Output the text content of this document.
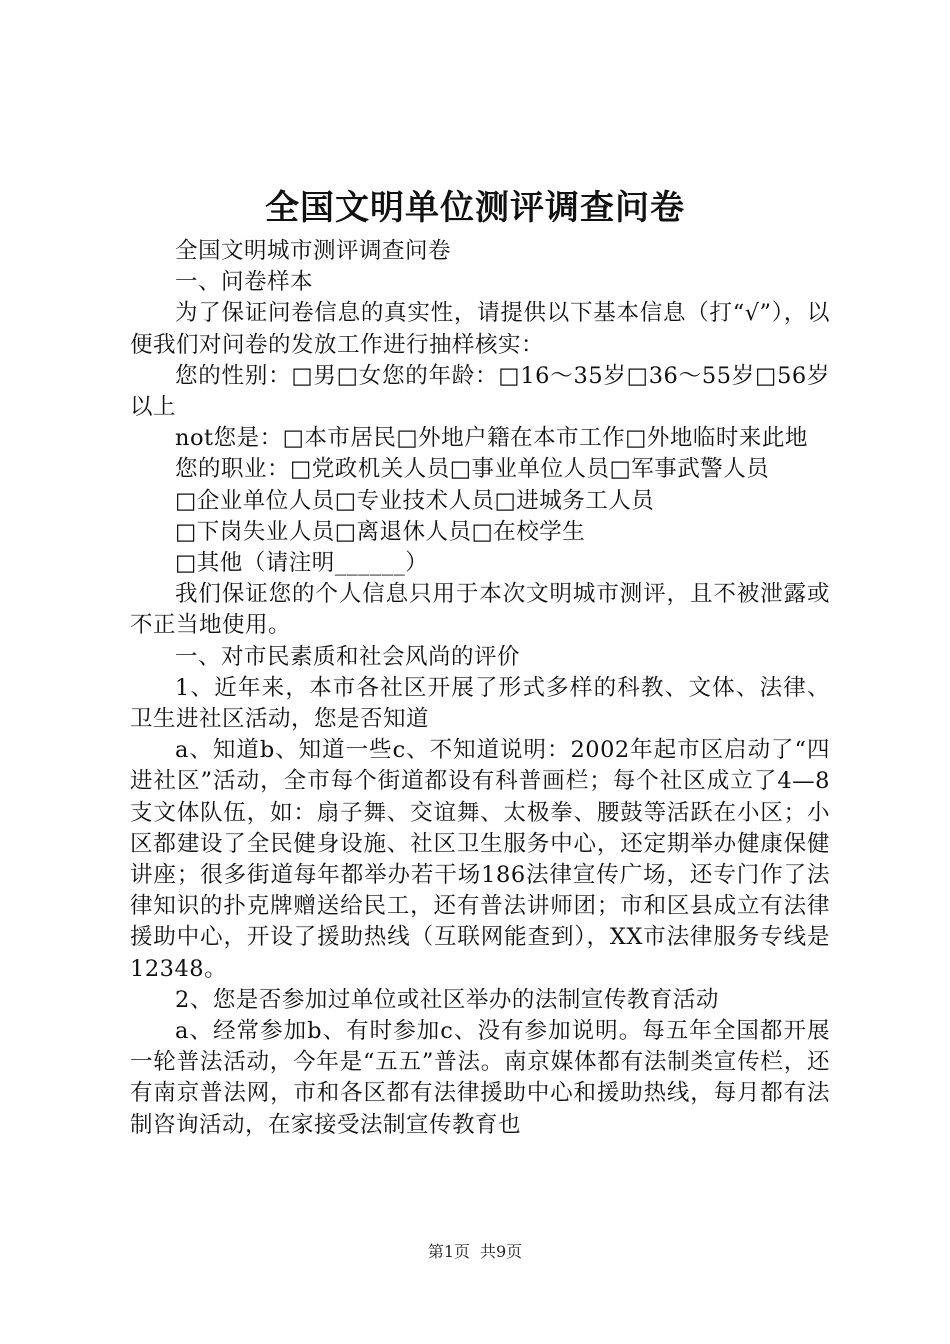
全国文明单位测评调查问卷

全国文明城市测评调查问卷

一、问卷样本

为了保证问卷信息的真实性，请提供以下基本信息（打“√”），以便我们对问卷的发放工作进行抽样核实：

您的性别：□男□女您的年龄：□16～35岁□36～55岁□56岁以上

not您是：□本市居民□外地户籍在本市工作□外地临时来此地

您的职业：□党政机关人员□事业单位人员□军事武警人员

□企业单位人员□专业技术人员□进城务工人员

□下岗失业人员□离退休人员□在校学生

□其他（请注明______）

我们保证您的个人信息只用于本次文明城市测评，且不被泄露或不正当地使用。

一、对市民素质和社会风尚的评价

1、近年来，本市各社区开展了形式多样的科教、文体、法律、卫生进社区活动，您是否知道

a、知道b、知道一些c、不知道说明：2002年起市区启动了“四进社区”活动，全市每个街道都设有科普画栏；每个社区成立了4—8支文体队伍，如：扇子舞、交谊舞、太极拳、腰鼓等活跃在小区；小区都建设了全民健身设施、社区卫生服务中心，还定期举办健康保健讲座；很多街道每年都举办若干场186法律宣传广场，还专门作了法律知识的扑克牌赠送给民工，还有普法讲师团；市和区县成立有法律援助中心，开设了援助热线（互联网能查到），XX市法律服务专线是12348。

2、您是否参加过单位或社区举办的法制宣传教育活动

a、经常参加b、有时参加c、没有参加说明。每五年全国都开展一轮普法活动，今年是“五五”普法。南京媒体都有法制类宣传栏，还有南京普法网，市和各区都有法律援助中心和援助热线，每月都有法制咨询活动，在家接受法制宣传教育也

第1页 共9页
